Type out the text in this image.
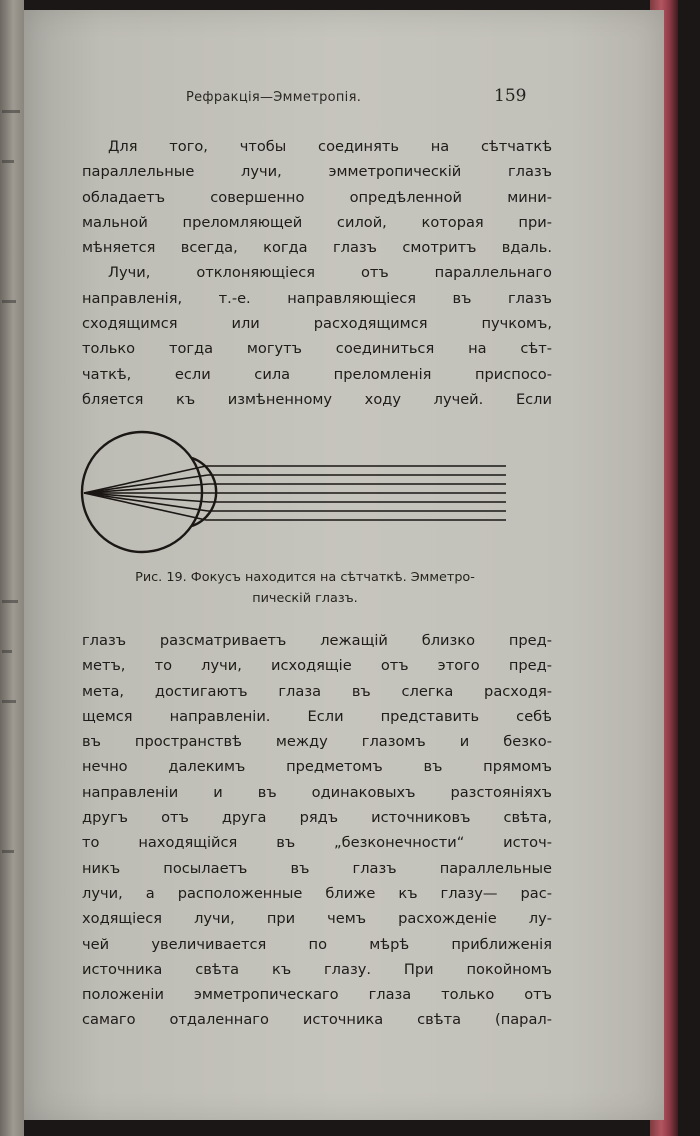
Рефракція—Эмметропія.	159
Для того, чтобы соединять на сѣтчаткѣ
параллельные лучи, эмметропическій глазъ
обладаетъ совершенно опредѣленной мини-
мальной преломляющей силой, которая при-
мѣняется всегда, когда глазъ смотритъ вдаль.
Лучи, отклоняющіеся отъ параллельнаго
направленія, т.-е. направляющіеся въ глазъ
сходящимся или расходящимся пучкомъ,
только тогда могутъ соединиться на сѣт-
чаткѣ, если сила преломленія приспосо-
бляется къ измѣненному ходу лучей. Если
Рис. 19. Фокусъ находится на сѣтчаткѣ. Эмметро-
пическій глазъ.
глазъ разсматриваетъ лежащій близко пред-
метъ, то лучи, исходящіе отъ этого пред-
мета, достигаютъ глаза въ слегка расходя-
щемся направленіи. Если представить себѣ
въ пространствѣ между глазомъ и безко-
нечно далекимъ предметомъ въ прямомъ
направленіи и въ одинаковыхъ разстояніяхъ
другъ отъ друга рядъ источниковъ свѣта,
то находящійся въ „безконечности“ источ-
никъ посылаетъ въ глазъ параллельные
лучи, а расположенные ближе къ глазу— рас-
ходящіеся лучи, при чемъ расхожденіе лу-
чей увеличивается по мѣрѣ приближенія
источника свѣта къ глазу. При покойномъ
положеніи эмметропическаго глаза только отъ
самаго отдаленнаго источника свѣта (парал-
